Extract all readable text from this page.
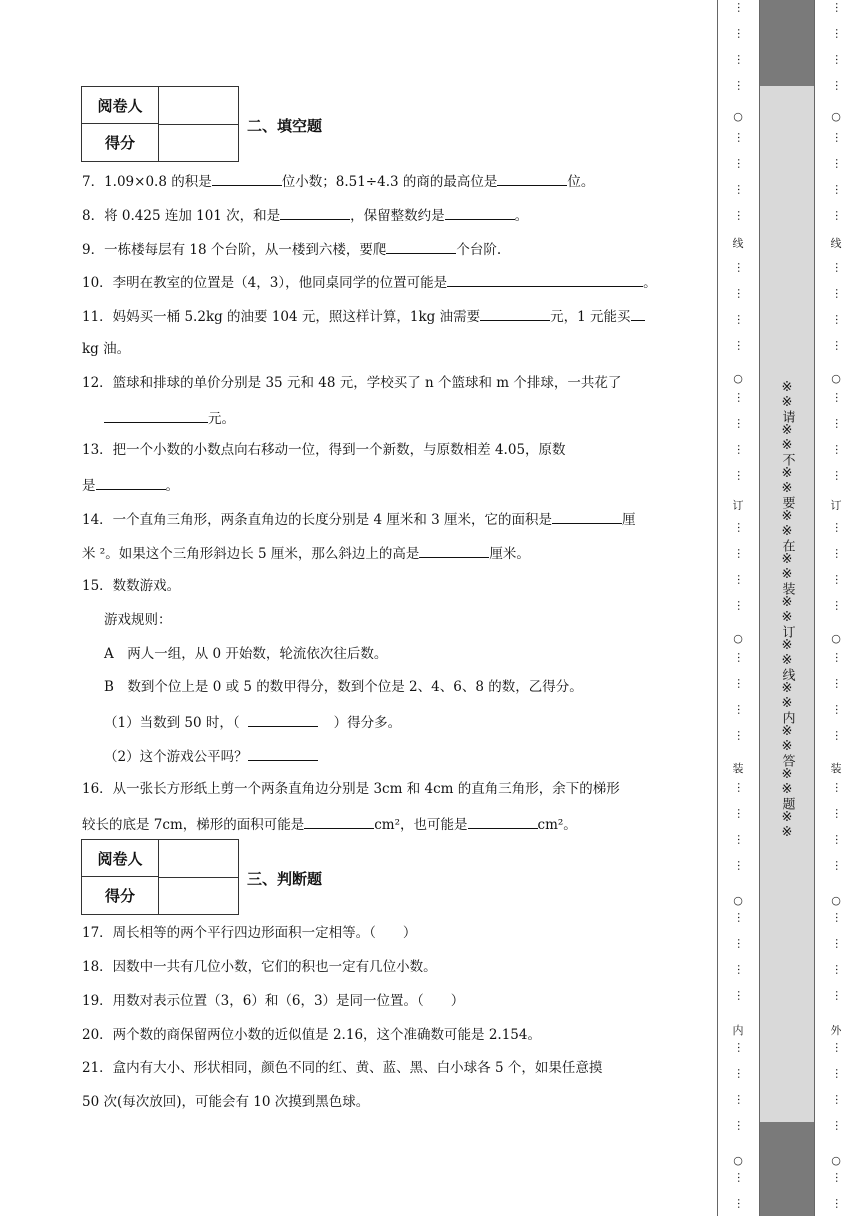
阅卷人
得分
二、填空题
7．1.09×0.8 的积是	位小数；8.51÷4.3 的商的最高位是	位。
8．将 0.425 连加 101 次，和是	，保留整数约是	。
9．一栋楼每层有 18 个台阶，从一楼到六楼，要爬	个台阶.
10．李明在教室的位置是（4，3），他同桌同学的位置可能是	。
11．妈妈买一桶 5.2kg 的油要 104 元，照这样计算，1kg 油需要	元，1 元能买
kg 油。
12．篮球和排球的单价分别是 35 元和 48 元，学校买了 n 个篮球和 m 个排球，一共花了
元。
13．把一个小数的小数点向右移动一位，得到一个新数，与原数相差 4.05，原数
是	。
14．一个直角三角形，两条直角边的长度分别是 4 厘米和 3 厘米，它的面积是	厘
米 ²。如果这个三角形斜边长 5 厘米，那么斜边上的高是	厘米。
15．数数游戏。
游戏规则：
A　两人一组，从 0 开始数，轮流依次往后数。
B　数到个位上是 0 或 5 的数甲得分，数到个位是 2、4、6、8 的数，乙得分。
（1）当数到 50 时，（	）得分多。
（2）这个游戏公平吗？
16．从一张长方形纸上剪一个两条直角边分别是 3cm 和 4cm 的直角三角形，余下的梯形
较长的底是 7cm，梯形的面积可能是	cm²，也可能是	cm²。
阅卷人
得分
三、判断题
17．周长相等的两个平行四边形面积一定相等。（　　）
18．因数中一共有几位小数，它们的积也一定有几位小数。
19．用数对表示位置（3，6）和（6，3）是同一位置。（　　）
20．两个数的商保留两位小数的近似值是 2.16，这个准确数可能是 2.154。
21．盒内有大小、形状相同，颜色不同的红、黄、蓝、黑、白小球各 5 个，如果任意摸
50 次(每次放回)，可能会有 10 次摸到黑色球。
※※请※※不※※要※※在※※装※※订※※线※※内※※答※※题※※
○
○
○
○
○
线
订
装
内
…
…
…
…
…
…
…
…
…
…
…
…
…
…
…
…
…
…
…
…
…
…
…
…
…
…
…
…
…
…
…
…
…
…
…
…
…
…
○
○
○
○
○
线
订
装
外
…
…
…
…
…
…
…
…
…
…
…
…
…
…
…
…
…
…
…
…
…
…
…
…
…
…
…
…
…
…
…
…
…
…
…
…
…
…
